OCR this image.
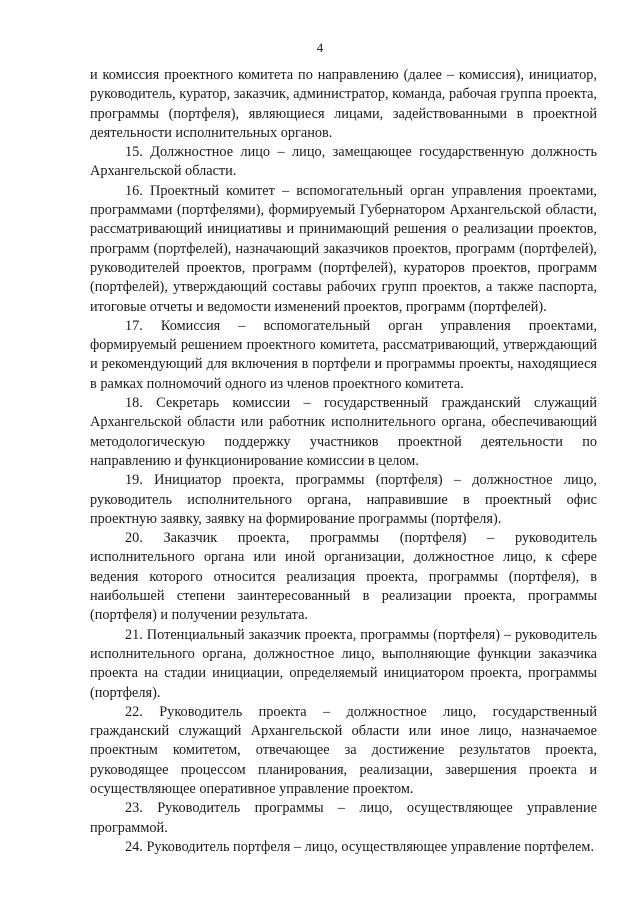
4

и комиссия проектного комитета по направлению (далее – комиссия), инициатор, руководитель, куратор, заказчик, администратор, команда, рабочая группа проекта, программы (портфеля), являющиеся лицами, задействованными в проектной деятельности исполнительных органов.

15. Должностное лицо – лицо, замещающее государственную должность Архангельской области.

16. Проектный комитет – вспомогательный орган управления проектами, программами (портфелями), формируемый Губернатором Архангельской области, рассматривающий инициативы и принимающий решения о реализации проектов, программ (портфелей), назначающий заказчиков проектов, программ (портфелей), руководителей проектов, программ (портфелей), кураторов проектов, программ (портфелей), утверждающий составы рабочих групп проектов, а также паспорта, итоговые отчеты и ведомости изменений проектов, программ (портфелей).

17. Комиссия – вспомогательный орган управления проектами, формируемый решением проектного комитета, рассматривающий, утверждающий и рекомендующий для включения в портфели и программы проекты, находящиеся в рамках полномочий одного из членов проектного комитета.

18. Секретарь комиссии – государственный гражданский служащий Архангельской области или работник исполнительного органа, обеспечивающий методологическую поддержку участников проектной деятельности по направлению и функционирование комиссии в целом.

19. Инициатор проекта, программы (портфеля) – должностное лицо, руководитель исполнительного органа, направившие в проектный офис проектную заявку, заявку на формирование программы (портфеля).

20. Заказчик проекта, программы (портфеля) – руководитель исполнительного органа или иной организации, должностное лицо, к сфере ведения которого относится реализация проекта, программы (портфеля), в наибольшей степени заинтересованный в реализации проекта, программы (портфеля) и получении результата.

21. Потенциальный заказчик проекта, программы (портфеля) – руководитель исполнительного органа, должностное лицо, выполняющие функции заказчика проекта на стадии инициации, определяемый инициатором проекта, программы (портфеля).

22. Руководитель проекта – должностное лицо, государственный гражданский служащий Архангельской области или иное лицо, назначаемое проектным комитетом, отвечающее за достижение результатов проекта, руководящее процессом планирования, реализации, завершения проекта и осуществляющее оперативное управление проектом.

23. Руководитель программы – лицо, осуществляющее управление программой.

24. Руководитель портфеля – лицо, осуществляющее управление портфелем.
